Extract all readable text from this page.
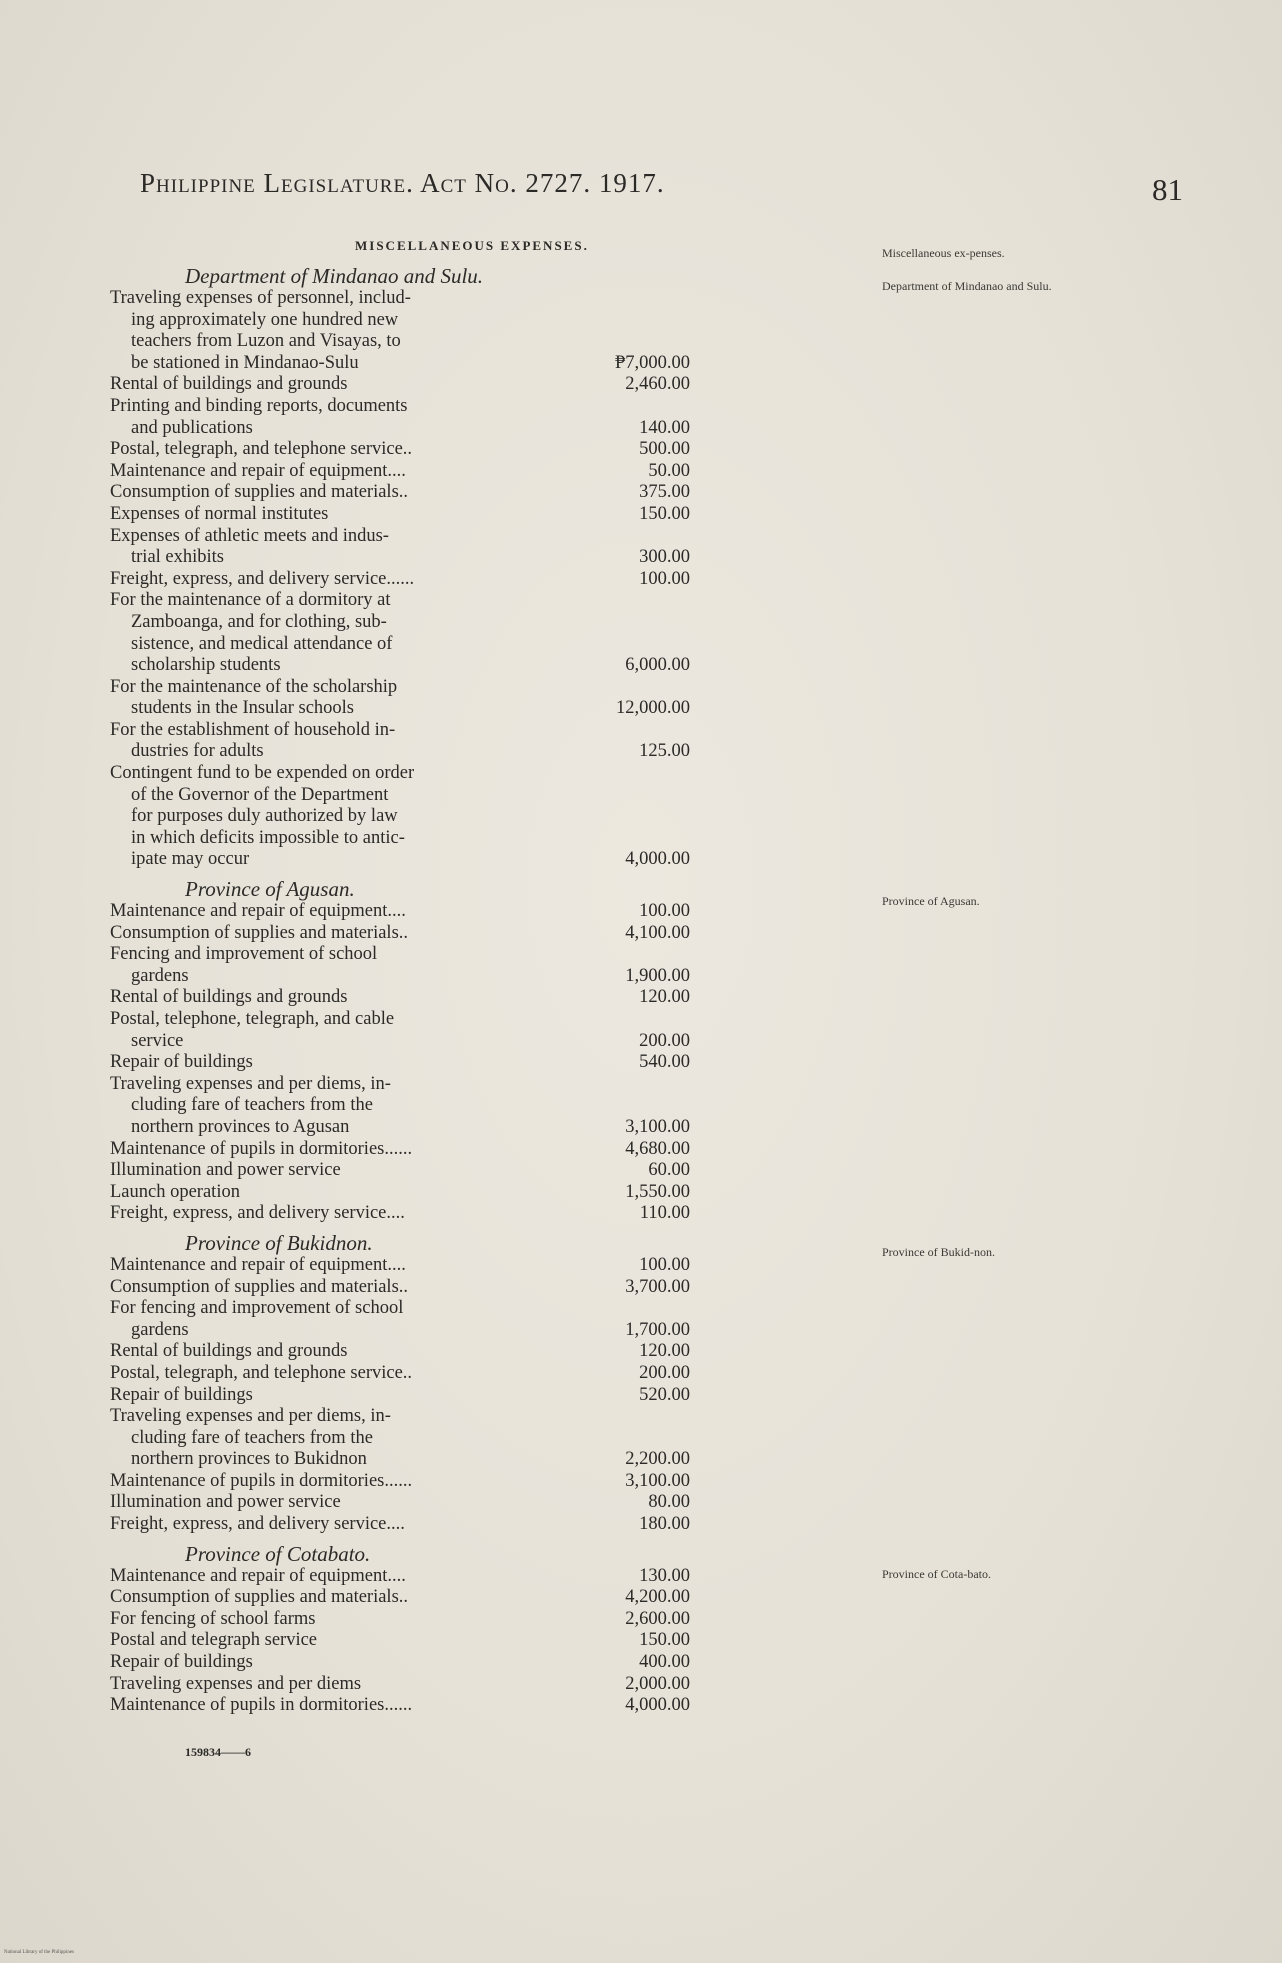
Philippine Legislature. Act No. 2727. 1917.	81
MISCELLANEOUS EXPENSES.	Miscellaneous ex-penses.
Department of Mindanao and Sulu.
Province of Agusan.
Province of Bukid-non.
Province of Cota-bato.
Department of Mindanao and Sulu.
Traveling expenses of personnel, includ-
ing approximately one hundred new
teachers from Luzon and Visayas, to
be stationed in Mindanao-Sulu
Rental of buildings and grounds
Printing and binding reports, documents
and publications
Postal, telegraph, and telephone service..
Maintenance and repair of equipment....
Consumption of supplies and materials..
Expenses of normal institutes
Expenses of athletic meets and indus-
trial exhibits
Freight, express, and delivery service......
For the maintenance of a dormitory at
Zamboanga, and for clothing, sub-
sistence, and medical attendance of
scholarship students
For the maintenance of the scholarship
students in the Insular schools
For the establishment of household in-
dustries for adults
Contingent fund to be expended on order
of the Governor of the Department
for purposes duly authorized by law
in which deficits impossible to antic-
ipate may occur
Province of Agusan.
Maintenance and repair of equipment....
Consumption of supplies and materials..
Fencing and improvement of school
gardens
Rental of buildings and grounds
Postal, telephone, telegraph, and cable
service
Repair of buildings
Traveling expenses and per diems, in-
cluding fare of teachers from the
northern provinces to Agusan
Maintenance of pupils in dormitories......
Illumination and power service
Launch operation
Freight, express, and delivery service....
Province of Bukidnon.
Maintenance and repair of equipment....
Consumption of supplies and materials..
For fencing and improvement of school
gardens
Rental of buildings and grounds
Postal, telegraph, and telephone service..
Repair of buildings
Traveling expenses and per diems, in-
cluding fare of teachers from the
northern provinces to Bukidnon
Maintenance of pupils in dormitories......
Illumination and power service
Freight, express, and delivery service....
Province of Cotabato.
Maintenance and repair of equipment....
Consumption of supplies and materials..
For fencing of school farms
Postal and telegraph service
Repair of buildings
Traveling expenses and per diems
Maintenance of pupils in dormitories......
₱7,000.00
2,460.00
140.00
500.00
50.00
375.00
150.00
300.00
100.00
6,000.00
12,000.00
125.00
4,000.00
100.00
4,100.00
1,900.00
120.00
200.00
540.00
3,100.00
4,680.00
60.00
1,550.00
110.00
100.00
3,700.00
1,700.00
120.00
200.00
520.00
2,200.00
3,100.00
80.00
180.00
130.00
4,200.00
2,600.00
150.00
400.00
2,000.00
4,000.00
159834——6
National Library of the Philippines
